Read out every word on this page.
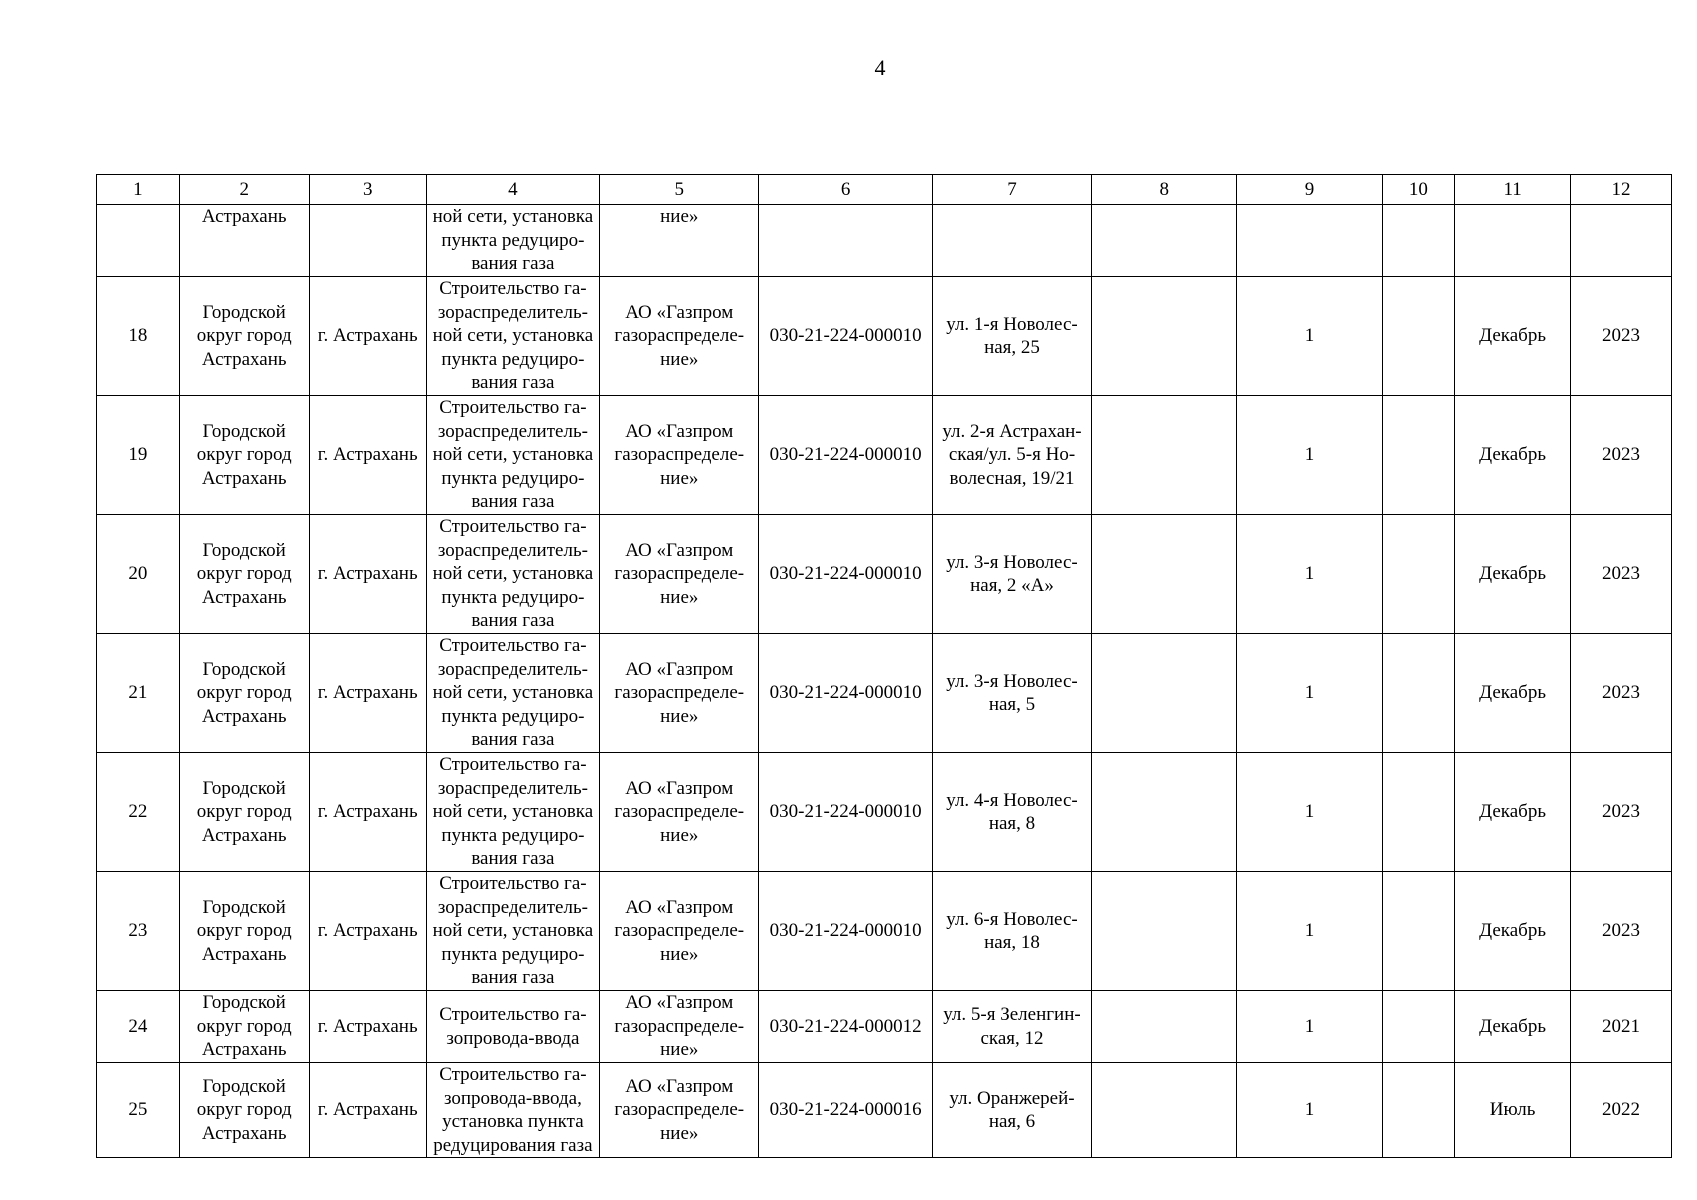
4
1	2	3	4	5	6	7	8	9	10	11	12
	Астрахань		ной сети, установка
пункта редуциро-
вания газа	ние»							
18	Городской
округ город
Астрахань	г. Астрахань	Строительство га-
зораспределитель-
ной сети, установка
пункта редуциро-
вания газа	АО «Газпром
газораспределе-
ние»	030-21-224-000010	ул. 1-я Новолес-
ная, 25		1		Декабрь	2023
19	Городской
округ город
Астрахань	г. Астрахань	Строительство га-
зораспределитель-
ной сети, установка
пункта редуциро-
вания газа	АО «Газпром
газораспределе-
ние»	030-21-224-000010	ул. 2-я Астрахан-
ская/ул. 5-я Но-
волесная, 19/21		1		Декабрь	2023
20	Городской
округ город
Астрахань	г. Астрахань	Строительство га-
зораспределитель-
ной сети, установка
пункта редуциро-
вания газа	АО «Газпром
газораспределе-
ние»	030-21-224-000010	ул. 3-я Новолес-
ная, 2 «А»		1		Декабрь	2023
21	Городской
округ город
Астрахань	г. Астрахань	Строительство га-
зораспределитель-
ной сети, установка
пункта редуциро-
вания газа	АО «Газпром
газораспределе-
ние»	030-21-224-000010	ул. 3-я Новолес-
ная, 5		1		Декабрь	2023
22	Городской
округ город
Астрахань	г. Астрахань	Строительство га-
зораспределитель-
ной сети, установка
пункта редуциро-
вания газа	АО «Газпром
газораспределе-
ние»	030-21-224-000010	ул. 4-я Новолес-
ная, 8		1		Декабрь	2023
23	Городской
округ город
Астрахань	г. Астрахань	Строительство га-
зораспределитель-
ной сети, установка
пункта редуциро-
вания газа	АО «Газпром
газораспределе-
ние»	030-21-224-000010	ул. 6-я Новолес-
ная, 18		1		Декабрь	2023
24	Городской
округ город
Астрахань	г. Астрахань	Строительство га-
зопровода-ввода	АО «Газпром
газораспределе-
ние»	030-21-224-000012	ул. 5-я Зеленгин-
ская, 12		1		Декабрь	2021
25	Городской
округ город
Астрахань	г. Астрахань	Строительство га-
зопровода-ввода,
установка пункта
редуцирования газа	АО «Газпром
газораспределе-
ние»	030-21-224-000016	ул. Оранжерей-
ная, 6		1		Июль	2022
